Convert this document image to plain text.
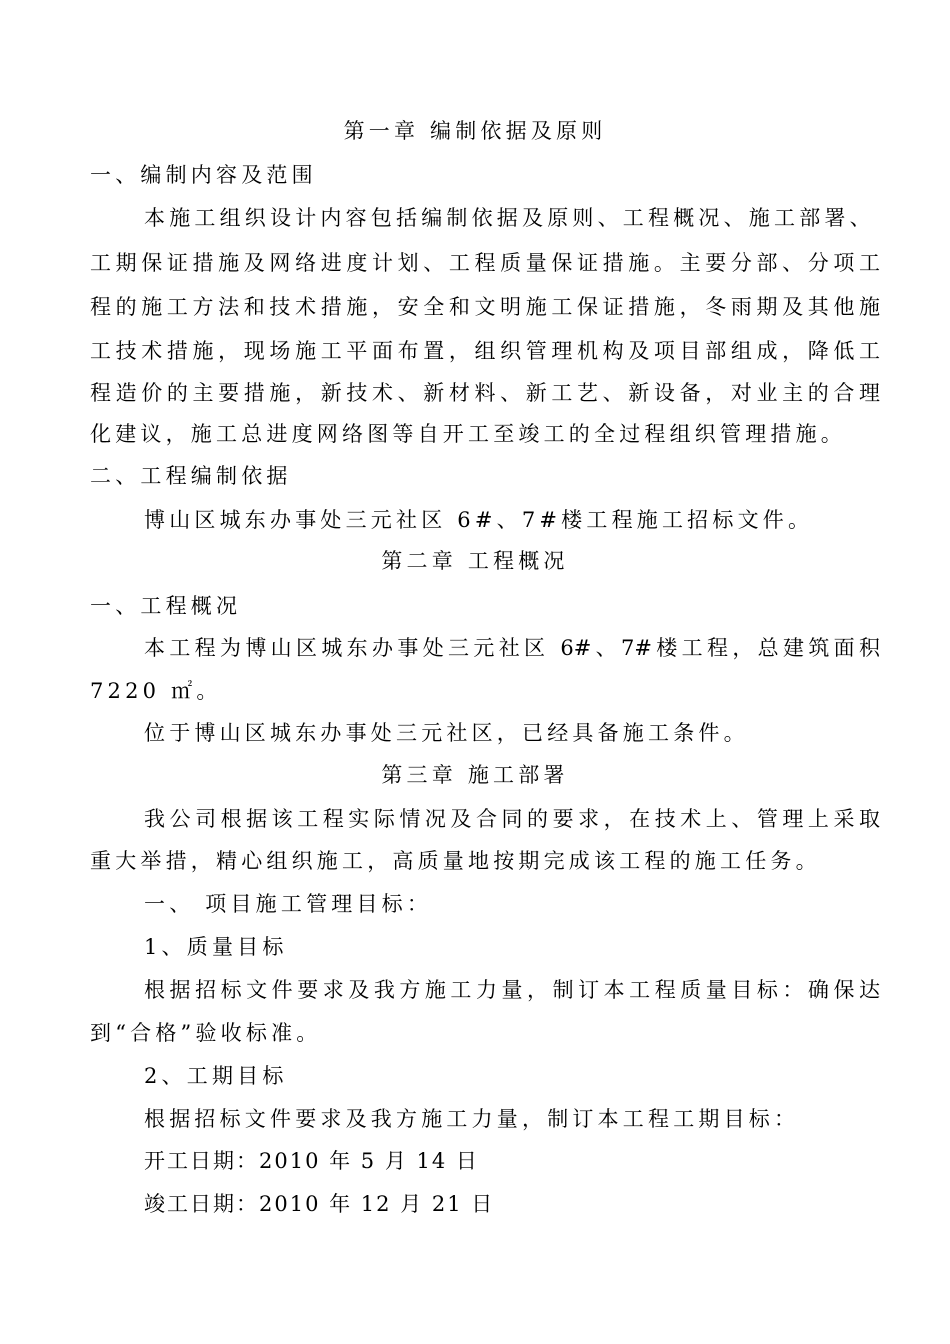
第一章 编制依据及原则
一、编制内容及范围
本施工组织设计内容包括编制依据及原则、工程概况、施工部署、
工期保证措施及网络进度计划、工程质量保证措施。主要分部、分项工
程的施工方法和技术措施，安全和文明施工保证措施，冬雨期及其他施
工技术措施，现场施工平面布置，组织管理机构及项目部组成，降低工
程造价的主要措施，新技术、新材料、新工艺、新设备，对业主的合理
化建议，施工总进度网络图等自开工至竣工的全过程组织管理措施。
二、工程编制依据
博山区城东办事处三元社区 6#、7#楼工程施工招标文件。
第二章 工程概况
一、工程概况
本工程为博山区城东办事处三元社区 6#、7#楼工程，总建筑面积
7220 ㎡。
位于博山区城东办事处三元社区，已经具备施工条件。
第三章 施工部署
我公司根据该工程实际情况及合同的要求，在技术上、管理上采取
重大举措，精心组织施工，高质量地按期完成该工程的施工任务。
一、 项目施工管理目标：
1、质量目标
根据招标文件要求及我方施工力量，制订本工程质量目标：确保达
到“合格”验收标准。
2、工期目标
根据招标文件要求及我方施工力量，制订本工程工期目标：
开工日期：2010 年 5 月 14 日
竣工日期：2010 年 12 月 21 日
